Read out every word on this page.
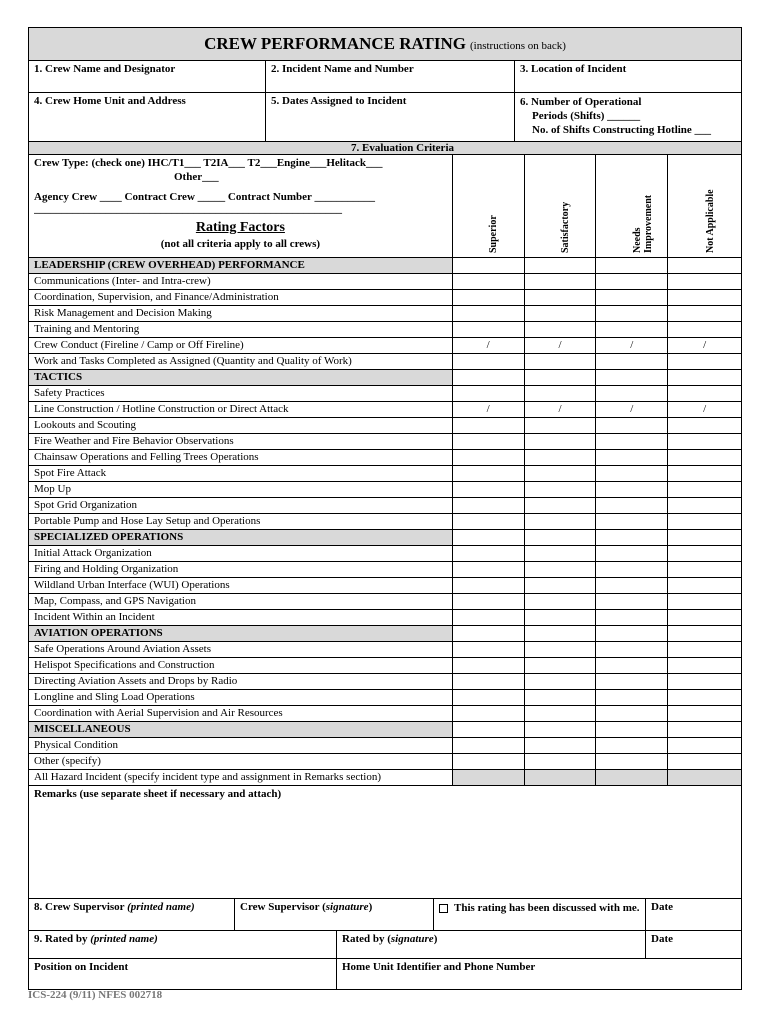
CREW PERFORMANCE RATING (instructions on back)
1. Crew Name and Designator	2. Incident Name and Number	3. Location of Incident
4. Crew Home Unit and Address	5. Dates Assigned to Incident	6. Number of Operational
Periods (Shifts) ______
No. of Shifts Constructing Hotline ___
7. Evaluation Criteria
Crew Type: (check one) IHC/T1___ T2IA___ T2___Engine___Helitack___
Other___
Agency Crew ____ Contract Crew _____ Contract Number ___________
________________________________________________________
Rating Factors
(not all criteria apply to all crews)	Superior	Satisfactory	Needs Improvement	Not Applicable
LEADERSHIP (CREW OVERHEAD) PERFORMANCE
Communications (Inter- and Intra-crew)
Coordination, Supervision, and Finance/Administration
Risk Management and Decision Making
Training and Mentoring
Crew Conduct (Fireline / Camp or Off Fireline)	/	/	/	/
Work and Tasks Completed as Assigned (Quantity and Quality of Work)
TACTICS
Safety Practices
Line Construction / Hotline Construction or Direct Attack	/	/	/	/
Lookouts and Scouting
Fire Weather and Fire Behavior Observations
Chainsaw Operations and Felling Trees Operations
Spot Fire Attack
Mop Up
Spot Grid Organization
Portable Pump and Hose Lay Setup and Operations
SPECIALIZED OPERATIONS
Initial Attack Organization
Firing and Holding Organization
Wildland Urban Interface (WUI) Operations
Map, Compass, and GPS Navigation
Incident Within an Incident
AVIATION OPERATIONS
Safe Operations Around Aviation Assets
Helispot Specifications and Construction
Directing Aviation Assets and Drops by Radio
Longline and Sling Load Operations
Coordination with Aerial Supervision and Air Resources
MISCELLANEOUS
Physical Condition
Other (specify)
All Hazard Incident (specify incident type and assignment in Remarks section)
Remarks (use separate sheet if necessary and attach)
8. Crew Supervisor (printed name)	Crew Supervisor (signature)	This rating has been discussed with me.	Date
9. Rated by (printed name)	Rated by (signature)	Date
Position on Incident	Home Unit Identifier and Phone Number
ICS-224 (9/11) NFES 002718
